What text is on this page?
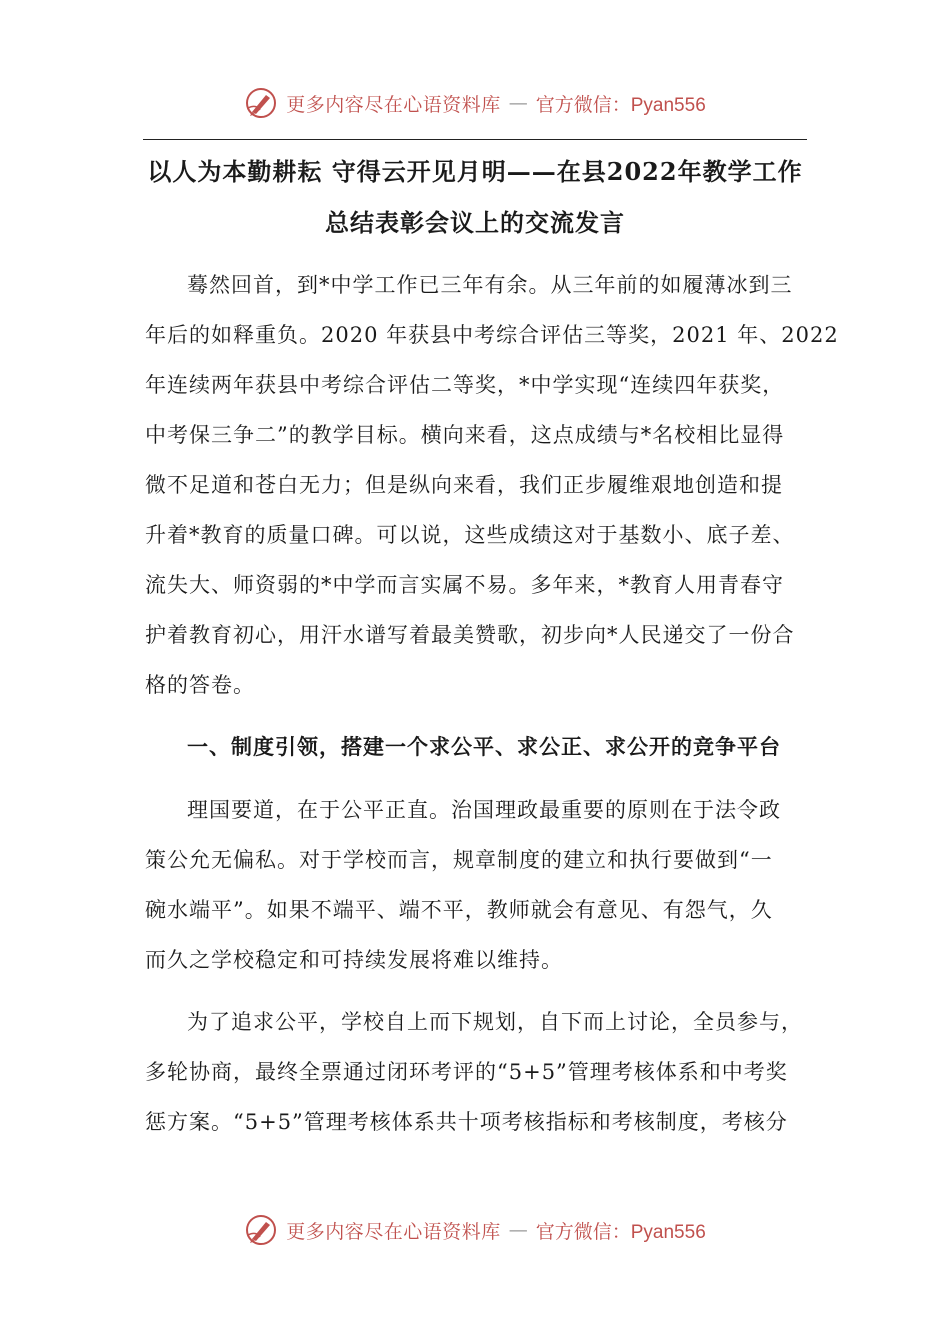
更多内容尽在心语资料库 — 官方微信：Pyan556
以人为本勤耕耘 守得云开见月明——在县2022年教学工作
总结表彰会议上的交流发言
蓦然回首，到*中学工作已三年有余。从三年前的如履薄冰到三
年后的如释重负。2020 年获县中考综合评估三等奖，2021 年、2022
年连续两年获县中考综合评估二等奖，*中学实现“连续四年获奖，
中考保三争二”的教学目标。横向来看，这点成绩与*名校相比显得
微不足道和苍白无力；但是纵向来看，我们正步履维艰地创造和提
升着*教育的质量口碑。可以说，这些成绩这对于基数小、底子差、
流失大、师资弱的*中学而言实属不易。多年来，*教育人用青春守
护着教育初心，用汗水谱写着最美赞歌，初步向*人民递交了一份合
格的答卷。
一、制度引领，搭建一个求公平、求公正、求公开的竞争平台
理国要道，在于公平正直。治国理政最重要的原则在于法令政
策公允无偏私。对于学校而言，规章制度的建立和执行要做到“一
碗水端平”。如果不端平、端不平，教师就会有意见、有怨气，久
而久之学校稳定和可持续发展将难以维持。
为了追求公平，学校自上而下规划，自下而上讨论，全员参与，
多轮协商，最终全票通过闭环考评的“5+5”管理考核体系和中考奖
惩方案。“5+5”管理考核体系共十项考核指标和考核制度，考核分
更多内容尽在心语资料库 — 官方微信：Pyan556
